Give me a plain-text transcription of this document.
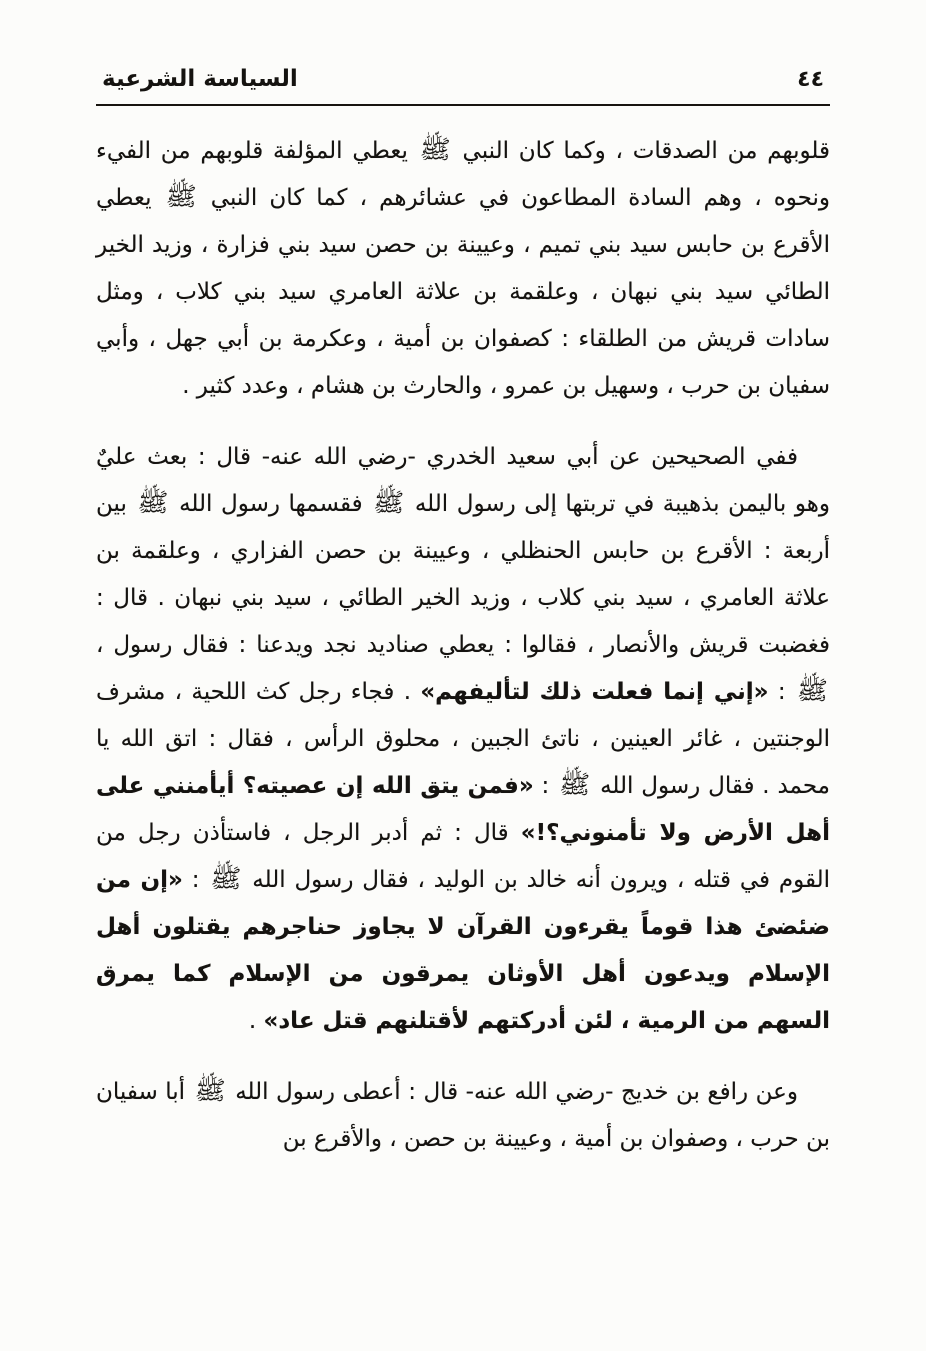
٤٤
السياسة الشرعية

قلوبهم من الصدقات ، وكما كان النبي ﷺ يعطي المؤلفة قلوبهم من الفيء ونحوه ، وهم السادة المطاعون في عشائرهم ، كما كان النبي ﷺ يعطي الأقرع بن حابس سيد بني تميم ، وعيينة بن حصن سيد بني فزارة ، وزيد الخير الطائي سيد بني نبهان ، وعلقمة بن علاثة العامري سيد بني كلاب ، ومثل سادات قريش من الطلقاء : كصفوان بن أمية ، وعكرمة بن أبي جهل ، وأبي سفيان بن حرب ، وسهيل بن عمرو ، والحارث بن هشام ، وعدد كثير .

ففي الصحيحين عن أبي سعيد الخدري -رضي الله عنه- قال : بعث عليٌ وهو باليمن بذهيبة في تربتها إلى رسول الله ﷺ فقسمها رسول الله ﷺ بين أربعة : الأقرع بن حابس الحنظلي ، وعيينة بن حصن الفزاري ، وعلقمة بن علاثة العامري ، سيد بني كلاب ، وزيد الخير الطائي ، سيد بني نبهان . قال : فغضبت قريش والأنصار ، فقالوا : يعطي صناديد نجد ويدعنا : فقال رسول ، ﷺ : «إني إنما فعلت ذلك لتأليفهم» . فجاء رجل كث اللحية ، مشرف الوجنتين ، غائر العينين ، ناتئ الجبين ، محلوق الرأس ، فقال : اتق الله يا محمد . فقال رسول الله ﷺ : «فمن يتق الله إن عصيته؟ أيأمنني على أهل الأرض ولا تأمنوني؟!» قال : ثم أدبر الرجل ، فاستأذن رجل من القوم في قتله ، ويرون أنه خالد بن الوليد ، فقال رسول الله ﷺ : «إن من ضئضئ هذا قوماً يقرءون القرآن لا يجاوز حناجرهم يقتلون أهل الإسلام ويدعون أهل الأوثان يمرقون من الإسلام كما يمرق السهم من الرمية ، لئن أدركتهم لأقتلنهم قتل عاد» .

وعن رافع بن خديج -رضي الله عنه- قال : أعطى رسول الله ﷺ أبا سفيان بن حرب ، وصفوان بن أمية ، وعيينة بن حصن ، والأقرع بن
